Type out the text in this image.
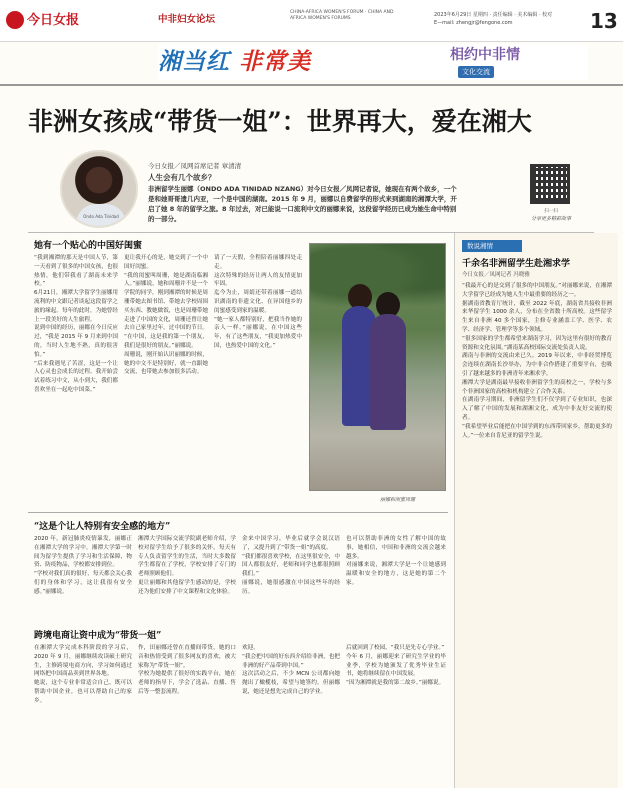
今日女报	中非妇女论坛
CHINA-AFRICA WOMEN'S FORUM · CHINA AND AFRICA WOMEN'S FORUMS
2023年6月29日 星期四 · 责任编辑 · 美术编辑 · 校对
E—mail: zhengjr@fengone.com	13
湘当红 非常美	相约中非情
文化交流
非洲女孩成“带货一姐”：世界再大，爱在湘大
Ondo Ada Tinidad
今日女报／凤网首席记者 章清清
人生会有几个故乡？
非洲留学生丽娜（ONDO ADA TINIDAD NZANG）对今日女报／凤网记者说，她现在有两个故乡，一个是和她哥哥遗几内亚，一个是中国的湖南。2015 年 9 月，丽娜以自费留学的形式来到湖南的湘潭大学，开启了她 8 年的留学之旅。8 年过去，对已能说一口流利中文的丽娜来说，这段留学经历已成为她生命中特别的一部分。
扫一扫
分享更多精彩故事
她有一个贴心的中国好闺蜜
“我到湘潭的那天是中国人节，第一天看到了很多的中国女孩，也很热情，他们带我看了湖南未来学校。”
6月21日，湘潭大学留学生丽娜用流利的中文跟记者谈起这段留学之旅的缘起。每年的此时，为她曾经上一段美好的人生旅程。
说到中国的经历，丽娜在今日反应过，“我是 2015 年 9 月来到中国的，当时人生地不熟，真的很害怕。”
“后来我遇见了苦涩，这是一个让人心灵也会成长的过程。我开始尝试着练习中文，从小到大，我们都喜欢坐在一起吃中国菜。”
更让我开心的是，她交到了一个中国好闺蜜。
“我的闺蜜叫周珊，她是湖南临湘人。”丽娜说，她和周珊并不是一个学院的同学，刚到湘潭的时候是周珊带她去图书馆、带她去学校周围买东西、教她做饭，也是周珊带她走进了中国的文化，周珊还曾让她去自己家里过年，过中国的节日。
“在中国，这是我的第一个朋友，我们是很好的朋友。”丽娜说。
周珊说，刚开始认识丽娜的时候，她的中文不是特别好，就一直跟她交流，也带她去参加很多活动。
请了一天假，全程陪着丽娜四处走走。
这次特殊的经历让两人的友情更加牢固。
迄今为止，周婧还带着丽娜一道结识湖南的非遗文化、在异国他乡的闺蜜感受到家的温暖。
“她一家人都特别好，把我当作她的亲人一样。”丽娜说，在中国这些年，有了这些朋友，“我更加热爱中国，也热爱中国的文化。”
丽娜和闺蜜周珊
“这是个让人特别有安全感的地方”
2020 年，新冠肺炎疫情暴发，丽娜正在湘潭大学的学习中，湘潭大学第一时间为留学生提供了学习和生活保障，物资、防疫物品，学校都安排到位。
“学校对我们真的很好，每天都会关心我们的身体和学习，这让我很有安全感。”丽娜说。
湘潭大学国际交流学院副老师介绍，学校对留学生给予了很多的关怀，每天有专人负责留学生的生活，当时大多数留学生都留在了学校，学校安排了专门的老师照顾他们。
更让丽娜和其他留学生感动的是，学校还为他们安排了中文课程和文化体验。
金来中国学习，毕业后就学会说汉语了，又提升到了“带货一姐”的高度。
“我们都很喜欢学校，在这里很安全，中国人都很友好，老师和同学也都很照顾我们。”
丽娜说，她很感激在中国这些年的经历。
也可以帮助非洲的女性了解中国的故事，她相信，中国和非洲的交流会越来越多。
对丽娜来说，湘潭大学是一个让她感到温暖和安全的地方，这是她的第二个家。
跨境电商让资中成为“带货一姐”
在湘潭大学完成本科阶段的学习后，2020 年 9 月，丽娜继续攻读硕士研究生，主修跨境电商方向，学习如何通过网络把中国商品卖到世界各地。
她说，这个专业非常适合自己，既可以帮助中国企业，也可以帮助自己的家乡。
作，田丽娜还曾在直播间带货，她的口音和热情受到了很多网友的喜欢，被大家称为“带货一姐”。
学校为她提供了很好的实践平台，她在老师的指导下，学会了选品、直播、售后等一整套流程。
欢迎。
“我会把中国的好东西介绍给非洲，也把非洲的好产品带到中国。”
这次活动之后，不少 MCN 公司都向她抛出了橄榄枝，希望与她签约。但丽娜说，她还是想先完成自己的学业。
后就回到了校园，“我只是先专心学业。”
今年 6 月，丽娜迎来了研究生学业的毕业季，学校为她颁发了优秀毕业生证书，她将继续留在中国发展。
“因为湘潭就是我的第二故乡。”丽娜说。
数说湘情
千余名非洲留学生赴湘求学
今日女报／凤网记者 冯晓雅
“我最开心的是交到了很多的中国朋友。”对丽娜来说，在湘潭大学留学已经成为她人生中最重要的经历之一。
据湖南省教育厅统计，截至 2022 年底，湖南省共接收非洲来华留学生 1000 余人，分布在全省数十所高校。这些留学生来自非洲 40 多个国家，主修专业涵盖工学、医学、农学、经济学、管理学等多个领域。
“很多国家的学生都希望来湖南学习，因为这里有很好的教育资源和文化氛围。”湖南某高校国际交流处负责人说。
湖南与非洲的交流由来已久。2019 年以来，中非经贸博览会连续在湖南长沙举办，为中非合作搭建了重要平台，也吸引了越来越多的非洲青年来湘求学。
湘潭大学是湖南最早接收非洲留学生的高校之一，学校与多个非洲国家的高校和机构建立了合作关系。
在湖南学习期间，非洲留学生们不仅学到了专业知识，也深入了解了中国的发展和湖湘文化，成为中非友好交流的使者。
“我希望毕业后能把在中国学到的东西带回家乡，帮助更多的人。”一位来自肯尼亚的留学生说。
